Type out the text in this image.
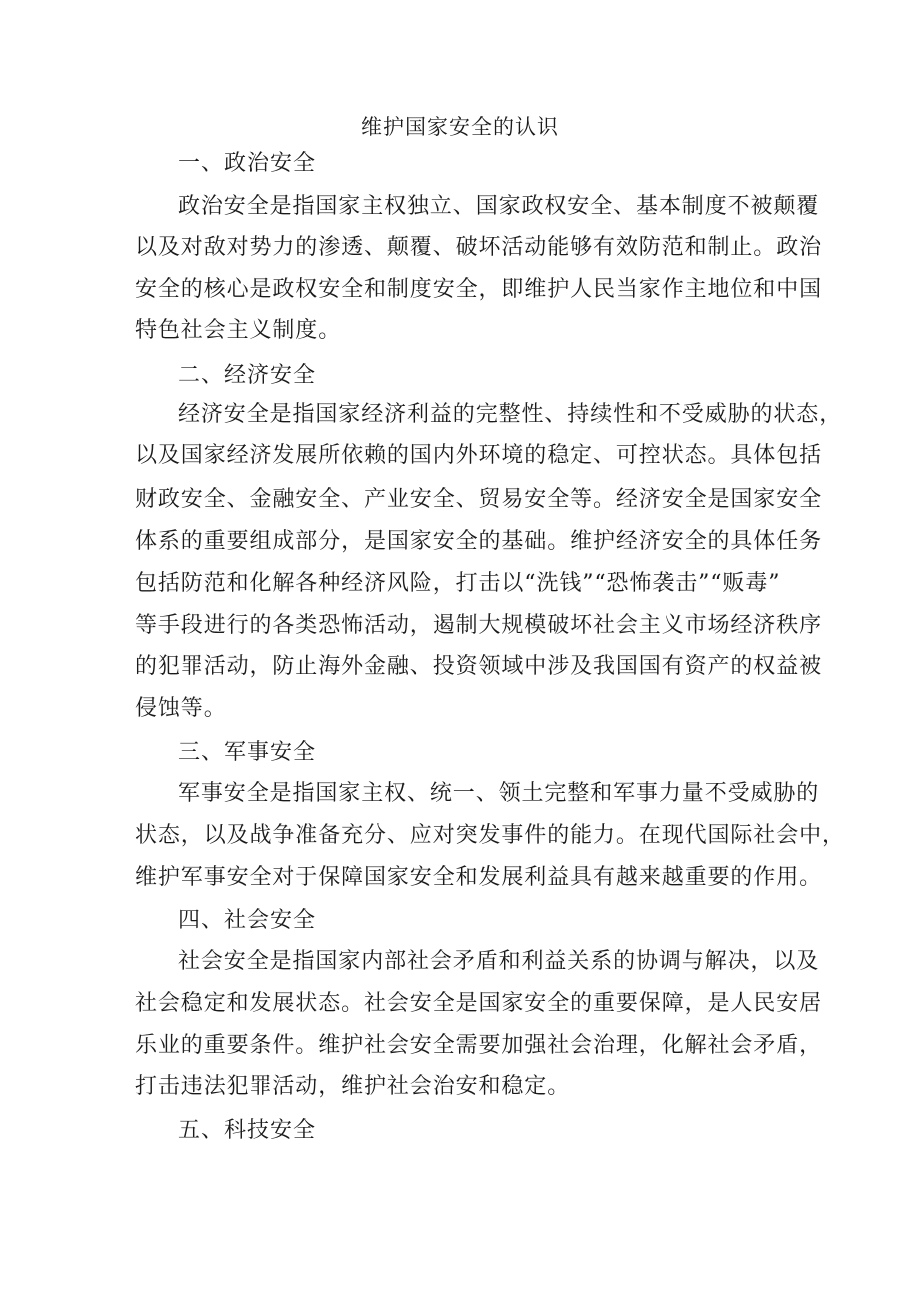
维护国家安全的认识
一、政治安全
政治安全是指国家主权独立、国家政权安全、基本制度不被颠覆
以及对敌对势力的渗透、颠覆、破坏活动能够有效防范和制止。政治
安全的核心是政权安全和制度安全，即维护人民当家作主地位和中国
特色社会主义制度。
二、经济安全
经济安全是指国家经济利益的完整性、持续性和不受威胁的状态，
以及国家经济发展所依赖的国内外环境的稳定、可控状态。具体包括
财政安全、金融安全、产业安全、贸易安全等。经济安全是国家安全
体系的重要组成部分，是国家安全的基础。维护经济安全的具体任务
包括防范和化解各种经济风险，打击以“洗钱”“恐怖袭击”“贩毒”
等手段进行的各类恐怖活动，遏制大规模破坏社会主义市场经济秩序
的犯罪活动，防止海外金融、投资领域中涉及我国国有资产的权益被
侵蚀等。
三、军事安全
军事安全是指国家主权、统一、领土完整和军事力量不受威胁的
状态，以及战争准备充分、应对突发事件的能力。在现代国际社会中，
维护军事安全对于保障国家安全和发展利益具有越来越重要的作用。
四、社会安全
社会安全是指国家内部社会矛盾和利益关系的协调与解决，以及
社会稳定和发展状态。社会安全是国家安全的重要保障，是人民安居
乐业的重要条件。维护社会安全需要加强社会治理，化解社会矛盾，
打击违法犯罪活动，维护社会治安和稳定。
五、科技安全
